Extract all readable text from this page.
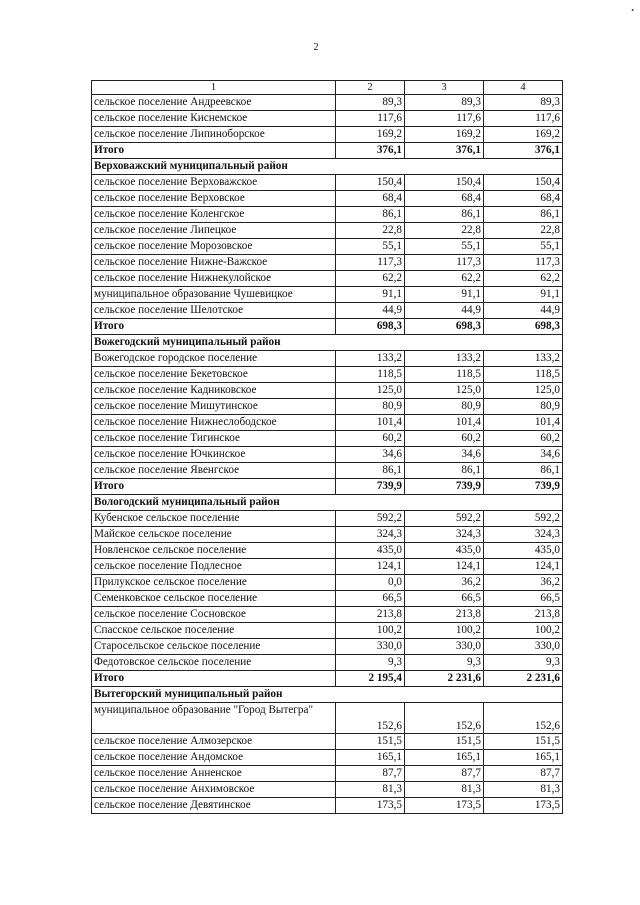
•
2
1	2	3	4
сельское поселение Андреевское	89,3	89,3	89,3
сельское поселение Киснемское	117,6	117,6	117,6
сельское поселение Липиноборское	169,2	169,2	169,2
Итого	376,1	376,1	376,1
Верховажский муниципальный район			
сельское поселение Верховажское	150,4	150,4	150,4
сельское поселение Верховское	68,4	68,4	68,4
сельское поселение Коленгское	86,1	86,1	86,1
сельское поселение Липецкое	22,8	22,8	22,8
сельское поселение Морозовское	55,1	55,1	55,1
сельское поселение Нижне-Важское	117,3	117,3	117,3
сельское поселение Нижнекулойское	62,2	62,2	62,2
муниципальное образование Чушевицкое	91,1	91,1	91,1
сельское поселение Шелотское	44,9	44,9	44,9
Итого	698,3	698,3	698,3
Вожегодский муниципальный район			
Вожегодское городское поселение	133,2	133,2	133,2
сельское поселение Бекетовское	118,5	118,5	118,5
сельское поселение Кадниковское	125,0	125,0	125,0
сельское поселение Мишутинское	80,9	80,9	80,9
сельское поселение Нижнеслободское	101,4	101,4	101,4
сельское поселение Тигинское	60,2	60,2	60,2
сельское поселение Ючкинское	34,6	34,6	34,6
сельское поселение Явенгское	86,1	86,1	86,1
Итого	739,9	739,9	739,9
Вологодский муниципальный район			
Кубенское сельское поселение	592,2	592,2	592,2
Майское сельское поселение	324,3	324,3	324,3
Новленское сельское поселение	435,0	435,0	435,0
сельское поселение Подлесное	124,1	124,1	124,1
Прилукское сельское поселение	0,0	36,2	36,2
Семенковское сельское поселение	66,5	66,5	66,5
сельское поселение Сосновское	213,8	213,8	213,8
Спасское сельское поселение	100,2	100,2	100,2
Старосельское сельское поселение	330,0	330,0	330,0
Федотовское сельское поселение	9,3	9,3	9,3
Итого	2 195,4	2 231,6	2 231,6
Вытегорский муниципальный район			
муниципальное образование "Город Вытегра"	152,6	152,6	152,6
сельское поселение Алмозерское	151,5	151,5	151,5
сельское поселение Андомское	165,1	165,1	165,1
сельское поселение Анненское	87,7	87,7	87,7
сельское поселение Анхимовское	81,3	81,3	81,3
сельское поселение Девятинское	173,5	173,5	173,5
